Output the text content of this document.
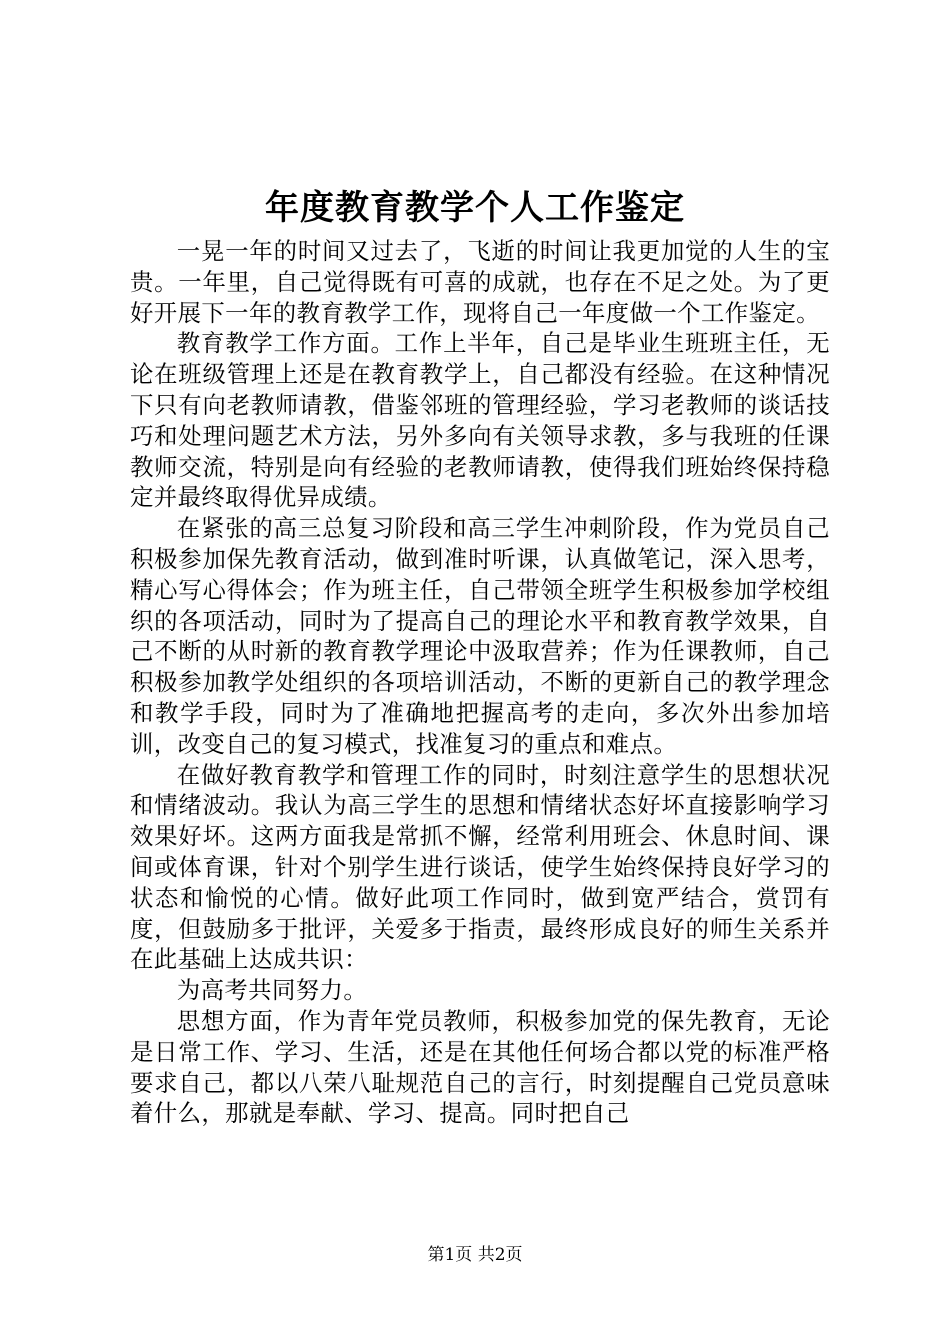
年度教育教学个人工作鉴定

一晃一年的时间又过去了，飞逝的时间让我更加觉的人生的宝贵。一年里，自己觉得既有可喜的成就，也存在不足之处。为了更好开展下一年的教育教学工作，现将自己一年度做一个工作鉴定。

教育教学工作方面。工作上半年，自己是毕业生班班主任，无论在班级管理上还是在教育教学上，自己都没有经验。在这种情况下只有向老教师请教，借鉴邻班的管理经验，学习老教师的谈话技巧和处理问题艺术方法，另外多向有关领导求教，多与我班的任课教师交流，特别是向有经验的老教师请教，使得我们班始终保持稳定并最终取得优异成绩。

在紧张的高三总复习阶段和高三学生冲刺阶段，作为党员自己积极参加保先教育活动，做到准时听课，认真做笔记，深入思考，精心写心得体会；作为班主任，自己带领全班学生积极参加学校组织的各项活动，同时为了提高自己的理论水平和教育教学效果，自己不断的从时新的教育教学理论中汲取营养；作为任课教师，自己积极参加教学处组织的各项培训活动，不断的更新自己的教学理念和教学手段，同时为了准确地把握高考的走向，多次外出参加培训，改变自己的复习模式，找准复习的重点和难点。

在做好教育教学和管理工作的同时，时刻注意学生的思想状况和情绪波动。我认为高三学生的思想和情绪状态好坏直接影响学习效果好坏。这两方面我是常抓不懈，经常利用班会、休息时间、课间或体育课，针对个别学生进行谈话，使学生始终保持良好学习的状态和愉悦的心情。做好此项工作同时，做到宽严结合，赏罚有度，但鼓励多于批评，关爱多于指责，最终形成良好的师生关系并在此基础上达成共识：

为高考共同努力。

思想方面，作为青年党员教师，积极参加党的保先教育，无论是日常工作、学习、生活，还是在其他任何场合都以党的标准严格要求自己，都以八荣八耻规范自己的言行，时刻提醒自己党员意味着什么，那就是奉献、学习、提高。同时把自己

第1页 共2页
